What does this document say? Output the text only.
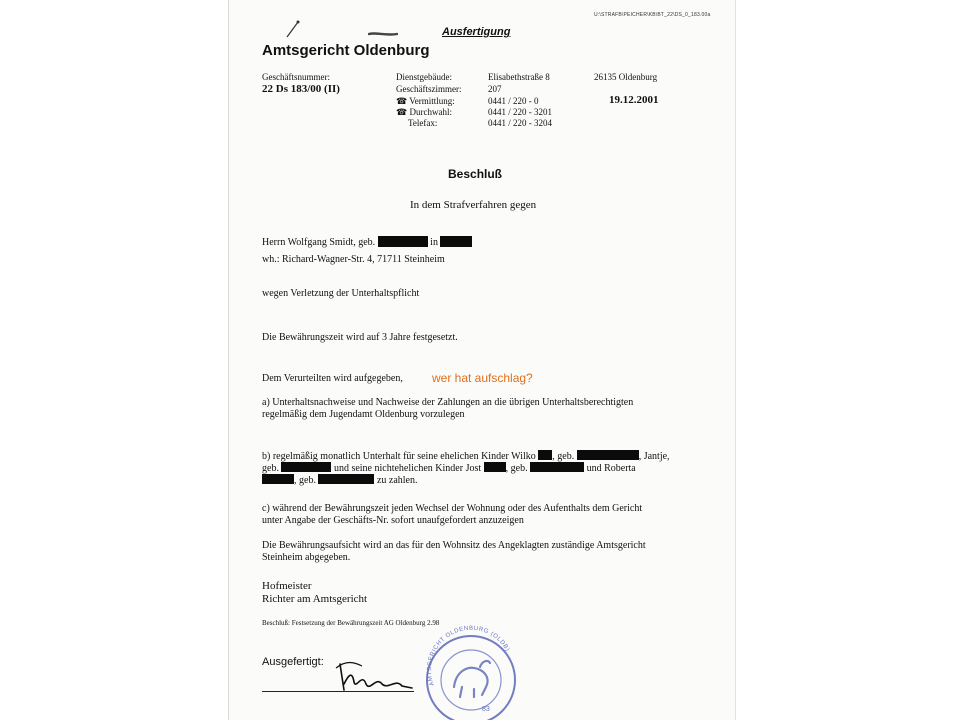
U:\STRAFB\PEICHER\KB\BT_22\DS_0_183.00a
Ausfertigung
Amtsgericht Oldenburg
Geschäftsnummer:
22 Ds 183/00 (II)
Dienstgebäude:	Elisabethstraße 8	26135 Oldenburg
Geschäftszimmer:	207
☎ Vermittlung:	0441 / 220 - 0	19.12.2001
☎ Durchwahl:	0441 / 220 - 3201
Telefax:	0441 / 220 - 3204
Beschluß
In dem Strafverfahren gegen
Herrn Wolfgang Smidt, geb.	in
wh.: Richard-Wagner-Str. 4, 71711 Steinheim
wegen Verletzung der Unterhaltspflicht
Die Bewährungszeit wird auf 3 Jahre festgesetzt.
Dem Verurteilten wird aufgegeben, wer hat aufschlag?
a) Unterhaltsnachweise und Nachweise der Zahlungen an die übrigen Unterhaltsberechtigten
regelmäßig dem Jugendamt Oldenburg vorzulegen
b) regelmäßig monatlich Unterhalt für seine ehelichen Kinder Wilko , geb.	, Jantje,
geb.	und seine nichtehelichen Kinder Jost , geb.	und Roberta
, geb.	zu zahlen.
c) während der Bewährungszeit jeden Wechsel der Wohnung oder des Aufenthalts dem Gericht
unter Angabe der Geschäfts-Nr. sofort unaufgefordert anzuzeigen
Die Bewährungsaufsicht wird an das für den Wohnsitz des Angeklagten zuständige Amtsgericht
Steinheim abgegeben.
Hofmeister
Richter am Amtsgericht
Beschluß: Festsetzung der Bewährungszeit AG Oldenburg 2.98
Ausgefertigt:
AMTSGERICHT OLDENBURG (OLDB)
83
